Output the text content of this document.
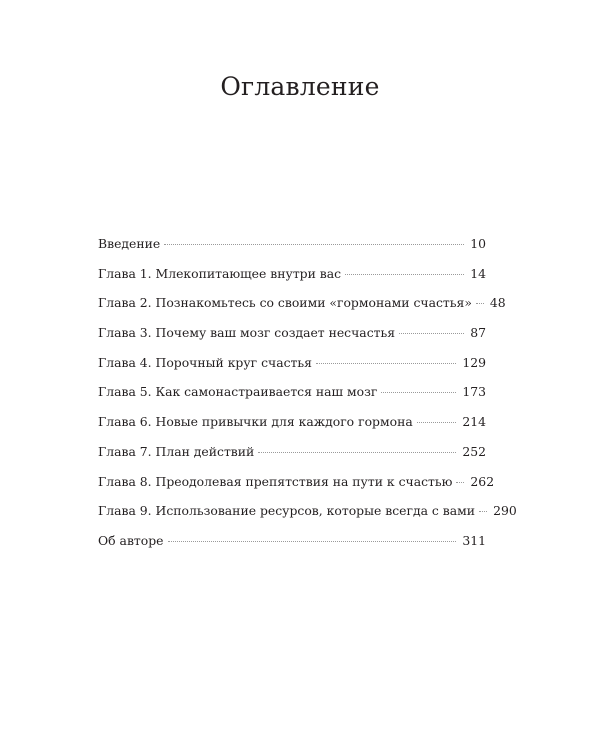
Оглавление
Введение	10
Глава 1. Млекопитающее внутри вас	14
Глава 2. Познакомьтесь со своими «гормонами счастья»	48
Глава 3. Почему ваш мозг создает несчастья	87
Глава 4. Порочный круг счастья	129
Глава 5. Как самонастраивается наш мозг	173
Глава 6. Новые привычки для каждого гормона	214
Глава 7. План действий	252
Глава 8. Преодолевая препятствия на пути к счастью	262
Глава 9. Использование ресурсов, которые всегда с вами	290
Об авторе	311
